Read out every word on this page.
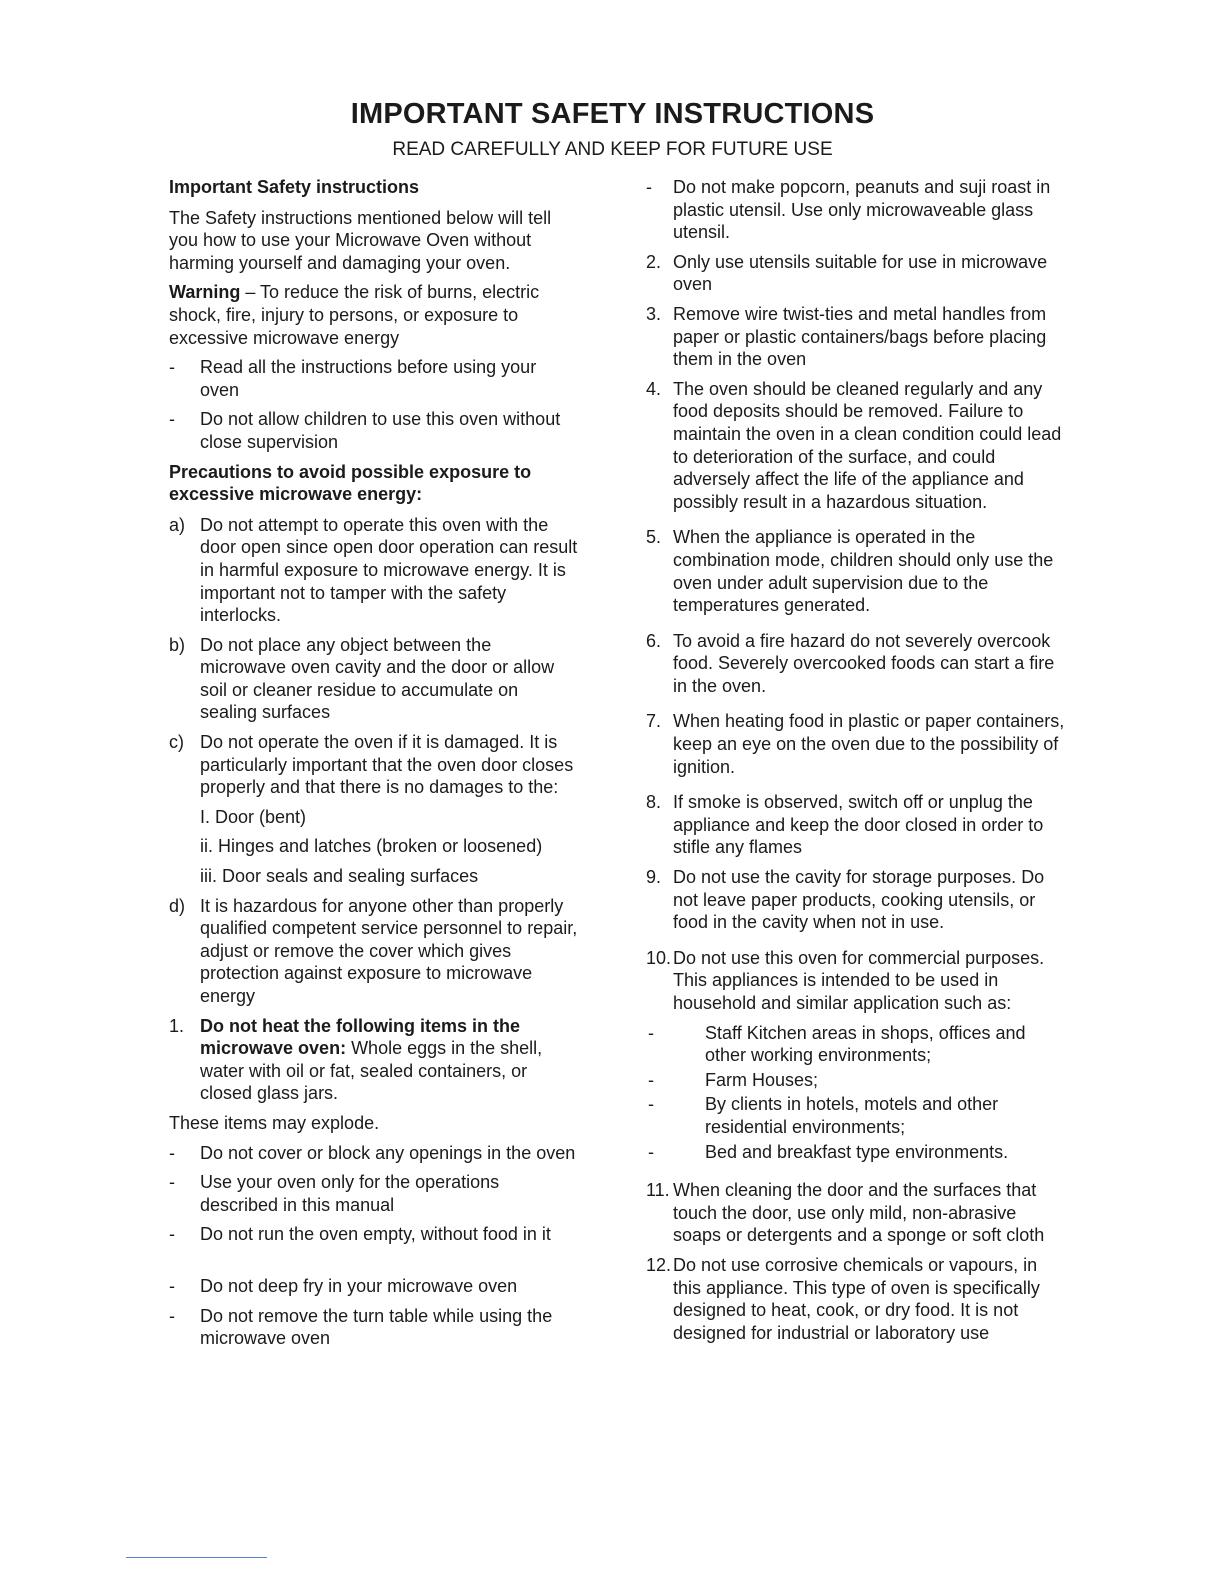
IMPORTANT SAFETY INSTRUCTIONS

READ CAREFULLY AND KEEP FOR FUTURE USE

Important Safety instructions

The Safety instructions mentioned below will tell you how to use your Microwave Oven without harming yourself and damaging your oven.

Warning – To reduce the risk of burns, electric shock, fire, injury to persons, or exposure to excessive microwave energy

-	Read all the instructions before using your oven
-	Do not allow children to use this oven without close supervision

Precautions to avoid possible exposure to excessive microwave energy:

a) Do not attempt to operate this oven with the door open since open door operation can result in harmful exposure to microwave energy. It is important not to tamper with the safety interlocks.
b) Do not place any object between the microwave oven cavity and the door or allow soil or cleaner residue to accumulate on sealing surfaces
c) Do not operate the oven if it is damaged. It is particularly important that the oven door closes properly and that there is no damages to the:

I. Door (bent)

ii. Hinges and latches (broken or loosened)

iii. Door seals and sealing surfaces

d) It is hazardous for anyone other than properly qualified competent service personnel to repair, adjust or remove the cover which gives protection against exposure to microwave energy
1. Do not heat the following items in the microwave oven: Whole eggs in the shell, water with oil or fat, sealed containers, or closed glass jars.

These items may explode.

-	Do not cover or block any openings in the oven
-	Use your oven only for the operations described in this manual
-	Do not run the oven empty, without food in it
-	Do not deep fry in your microwave oven
-	Do not remove the turn table while using the microwave oven
-	Do not make popcorn, peanuts and suji roast in plastic utensil. Use only microwaveable glass utensil.
2. Only use utensils suitable for use in microwave oven
3. Remove wire twist-ties and metal handles from paper or plastic containers/bags before placing them in the oven
4. The oven should be cleaned regularly and any food deposits should be removed. Failure to maintain the oven in a clean condition could lead to deterioration of the surface, and could adversely affect the life of the appliance and possibly result in a hazardous situation.
5. When the appliance is operated in the combination mode, children should only use the oven under adult supervision due to the temperatures generated.
6. To avoid a fire hazard do not severely overcook food. Severely overcooked foods can start a fire in the oven.
7. When heating food in plastic or paper containers, keep an eye on the oven due to the possibility of ignition.
8. If smoke is observed, switch off or unplug the appliance and keep the door closed in order to stifle any flames
9. Do not use the cavity for storage purposes. Do not leave paper products, cooking utensils, or food in the cavity when not in use.
10. Do not use this oven for commercial purposes. This appliances is intended to be used in household and similar application such as:
-	Staff Kitchen areas in shops, offices and other working environments;
-	Farm Houses;
-	By clients in hotels, motels and other residential environments;
-	Bed and breakfast type environments.
11. When cleaning the door and the surfaces that touch the door, use only mild, non-abrasive soaps or detergents and a sponge or soft cloth
12. Do not use corrosive chemicals or vapours, in this appliance. This type of oven is specifically designed to heat, cook, or dry food. It is not designed for industrial or laboratory use
